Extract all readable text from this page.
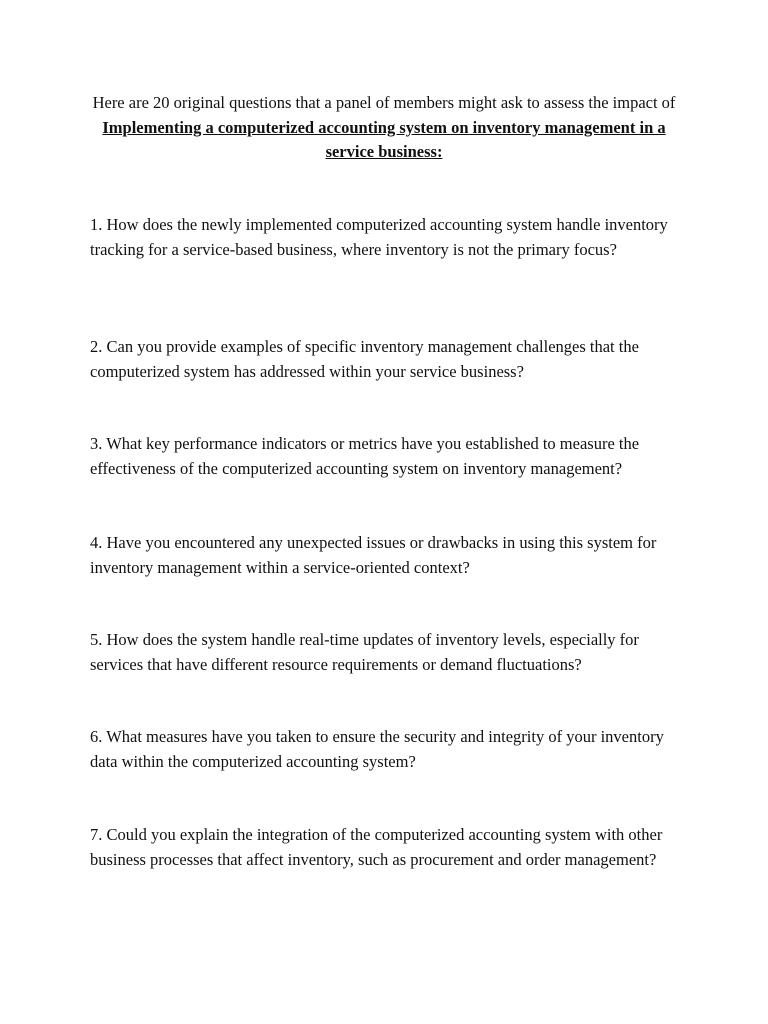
Here are 20 original questions that a panel of members might ask to assess the impact of Implementing a computerized accounting system on inventory management in a service business:

1. How does the newly implemented computerized accounting system handle inventory tracking for a service-based business, where inventory is not the primary focus?

2. Can you provide examples of specific inventory management challenges that the computerized system has addressed within your service business?

3. What key performance indicators or metrics have you established to measure the effectiveness of the computerized accounting system on inventory management?

4. Have you encountered any unexpected issues or drawbacks in using this system for inventory management within a service-oriented context?

5. How does the system handle real-time updates of inventory levels, especially for services that have different resource requirements or demand fluctuations?

6. What measures have you taken to ensure the security and integrity of your inventory data within the computerized accounting system?

7. Could you explain the integration of the computerized accounting system with other business processes that affect inventory, such as procurement and order management?
